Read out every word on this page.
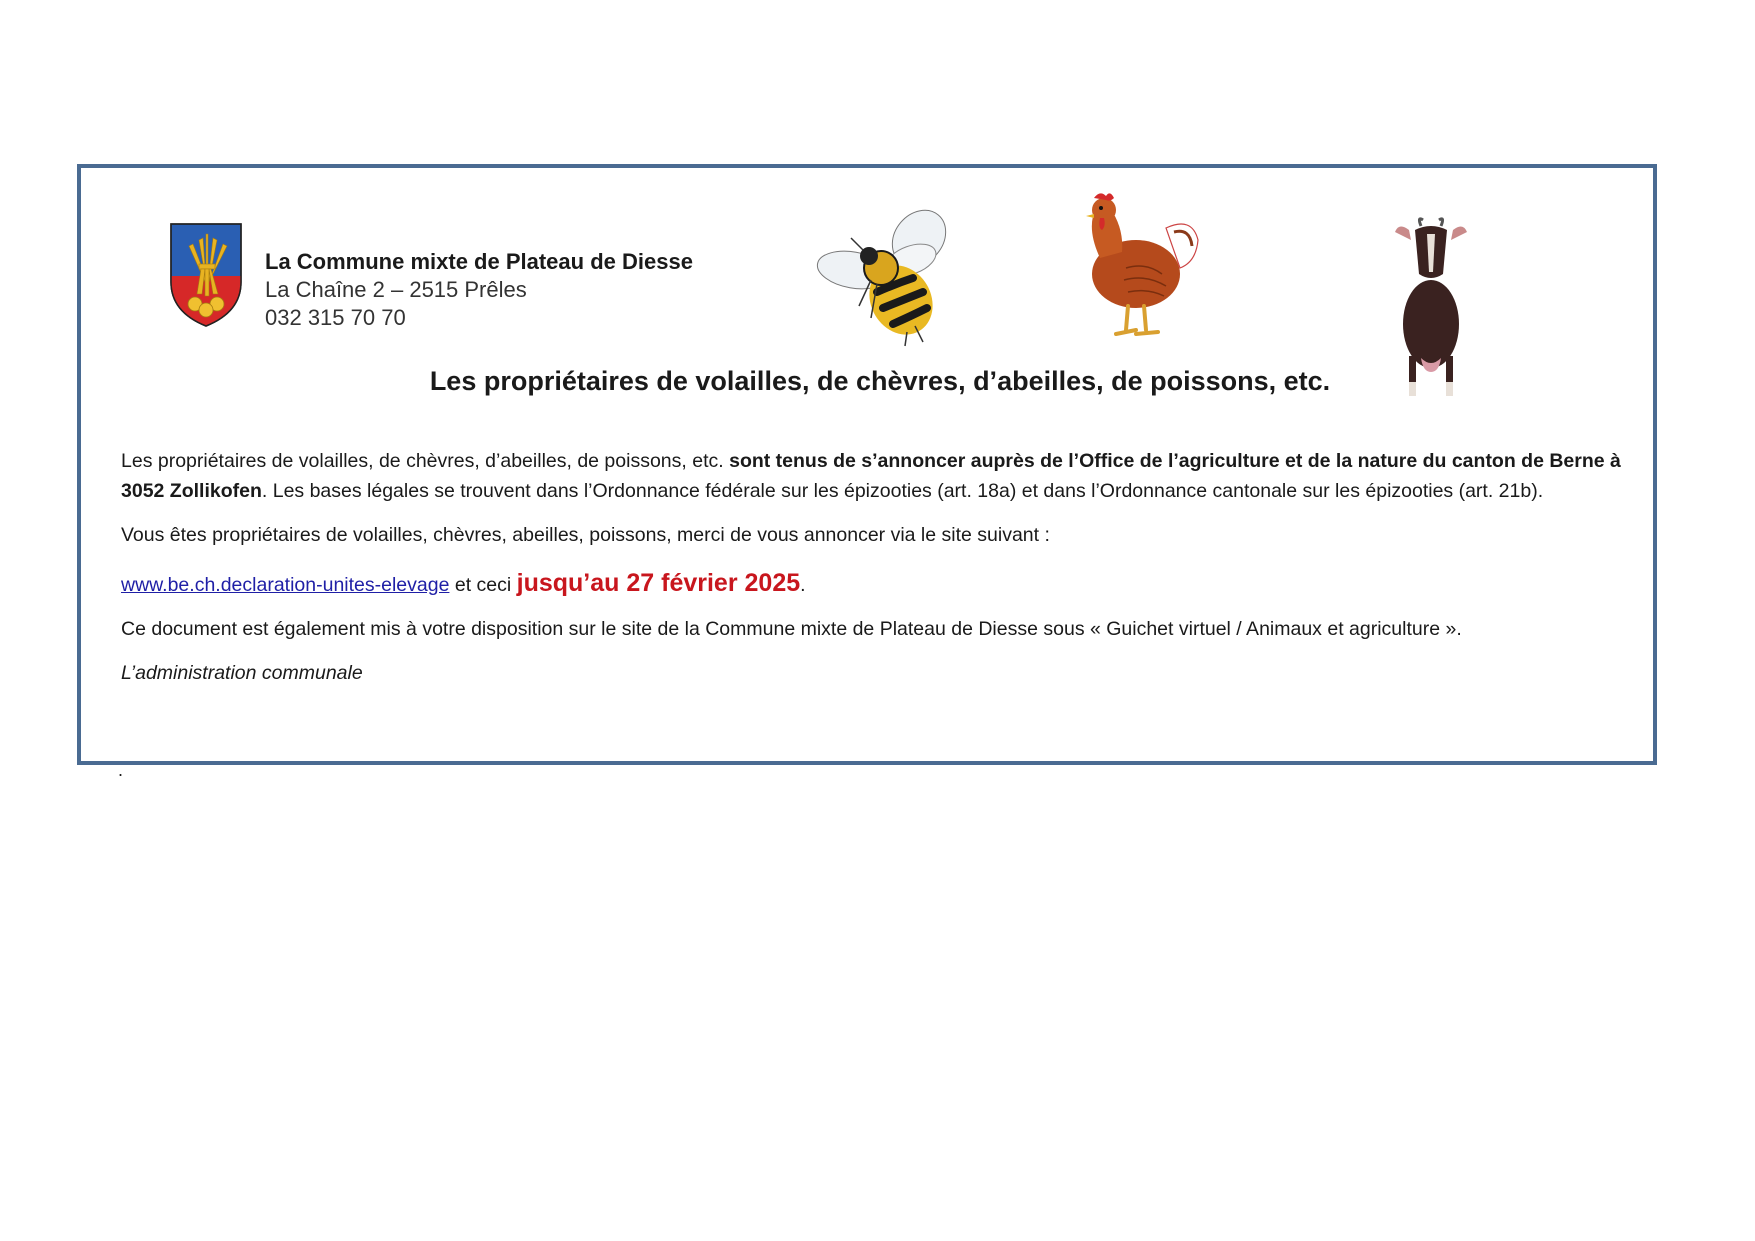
La Commune mixte de Plateau de Diesse
La Chaîne 2 – 2515 Prêles
032 315 70 70
Les propriétaires de volailles, de chèvres, d’abeilles, de poissons, etc.

Les propriétaires de volailles, de chèvres, d’abeilles, de poissons, etc. sont tenus de s’annoncer auprès de l’Office de l’agriculture et de la nature du canton de Berne à 3052 Zollikofen. Les bases légales se trouvent dans l’Ordonnance fédérale sur les épizooties (art. 18a) et dans l’Ordonnance cantonale sur les épizooties (art. 21b).

Vous êtes propriétaires de volailles, chèvres, abeilles, poissons, merci de vous annoncer via le site suivant :

www.be.ch.declaration-unites-elevage et ceci jusqu’au 27 février 2025.

Ce document est également mis à votre disposition sur le site de la Commune mixte de Plateau de Diesse sous « Guichet virtuel / Animaux et agriculture ».

L’administration communale

.
